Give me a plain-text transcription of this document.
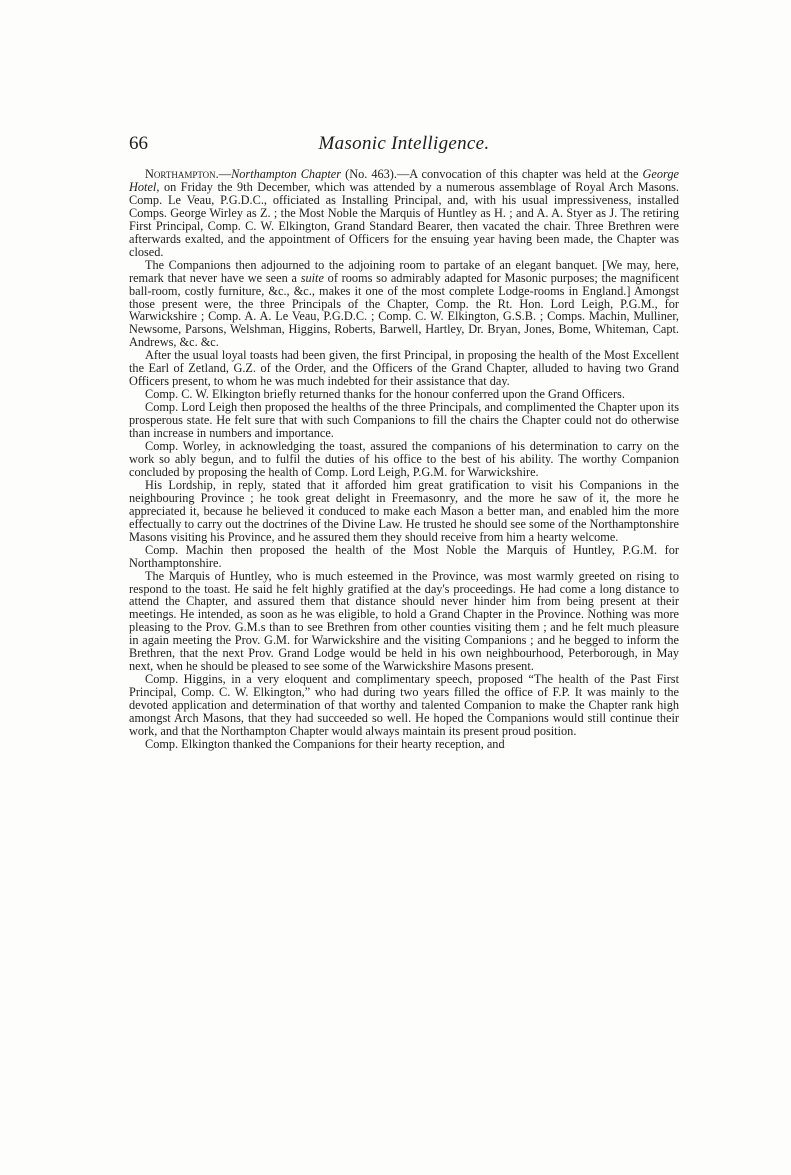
66	Masonic Intelligence.

Northampton.—Northampton Chapter (No. 463).—A convocation of this chapter was held at the George Hotel, on Friday the 9th December, which was attended by a numerous assemblage of Royal Arch Masons. Comp. Le Veau, P.G.D.C., officiated as Installing Principal, and, with his usual impressiveness, installed Comps. George Wirley as Z. ; the Most Noble the Marquis of Huntley as H. ; and A. A. Styer as J. The retiring First Principal, Comp. C. W. Elkington, Grand Standard Bearer, then vacated the chair. Three Brethren were afterwards exalted, and the appointment of Officers for the ensuing year having been made, the Chapter was closed.

The Companions then adjourned to the adjoining room to partake of an elegant banquet. [We may, here, remark that never have we seen a suite of rooms so admirably adapted for Masonic purposes; the magnificent ball-room, costly furniture, &c., &c., makes it one of the most complete Lodge-rooms in England.] Amongst those present were, the three Principals of the Chapter, Comp. the Rt. Hon. Lord Leigh, P.G.M., for Warwickshire ; Comp. A. A. Le Veau, P.G.D.C. ; Comp. C. W. Elkington, G.S.B. ; Comps. Machin, Mulliner, Newsome, Parsons, Welshman, Higgins, Roberts, Barwell, Hartley, Dr. Bryan, Jones, Bome, Whiteman, Capt. Andrews, &c. &c.

After the usual loyal toasts had been given, the first Principal, in proposing the health of the Most Excellent the Earl of Zetland, G.Z. of the Order, and the Officers of the Grand Chapter, alluded to having two Grand Officers present, to whom he was much indebted for their assistance that day.

Comp. C. W. Elkington briefly returned thanks for the honour conferred upon the Grand Officers.

Comp. Lord Leigh then proposed the healths of the three Principals, and complimented the Chapter upon its prosperous state. He felt sure that with such Companions to fill the chairs the Chapter could not do otherwise than increase in numbers and importance.

Comp. Worley, in acknowledging the toast, assured the companions of his determination to carry on the work so ably begun, and to fulfil the duties of his office to the best of his ability. The worthy Companion concluded by proposing the health of Comp. Lord Leigh, P.G.M. for Warwickshire.

His Lordship, in reply, stated that it afforded him great gratification to visit his Companions in the neighbouring Province ; he took great delight in Freemasonry, and the more he saw of it, the more he appreciated it, because he believed it conduced to make each Mason a better man, and enabled him the more effectually to carry out the doctrines of the Divine Law. He trusted he should see some of the Northamptonshire Masons visiting his Province, and he assured them they should receive from him a hearty welcome.

Comp. Machin then proposed the health of the Most Noble the Marquis of Huntley, P.G.M. for Northamptonshire.

The Marquis of Huntley, who is much esteemed in the Province, was most warmly greeted on rising to respond to the toast. He said he felt highly gratified at the day's proceedings. He had come a long distance to attend the Chapter, and assured them that distance should never hinder him from being present at their meetings. He intended, as soon as he was eligible, to hold a Grand Chapter in the Province. Nothing was more pleasing to the Prov. G.M.s than to see Brethren from other counties visiting them ; and he felt much pleasure in again meeting the Prov. G.M. for Warwickshire and the visiting Companions ; and he begged to inform the Brethren, that the next Prov. Grand Lodge would be held in his own neighbourhood, Peterborough, in May next, when he should be pleased to see some of the Warwickshire Masons present.

Comp. Higgins, in a very eloquent and complimentary speech, proposed “The health of the Past First Principal, Comp. C. W. Elkington,” who had during two years filled the office of F.P. It was mainly to the devoted application and determination of that worthy and talented Companion to make the Chapter rank high amongst Arch Masons, that they had succeeded so well. He hoped the Companions would still continue their work, and that the Northampton Chapter would always maintain its present proud position.

Comp. Elkington thanked the Companions for their hearty reception, and
